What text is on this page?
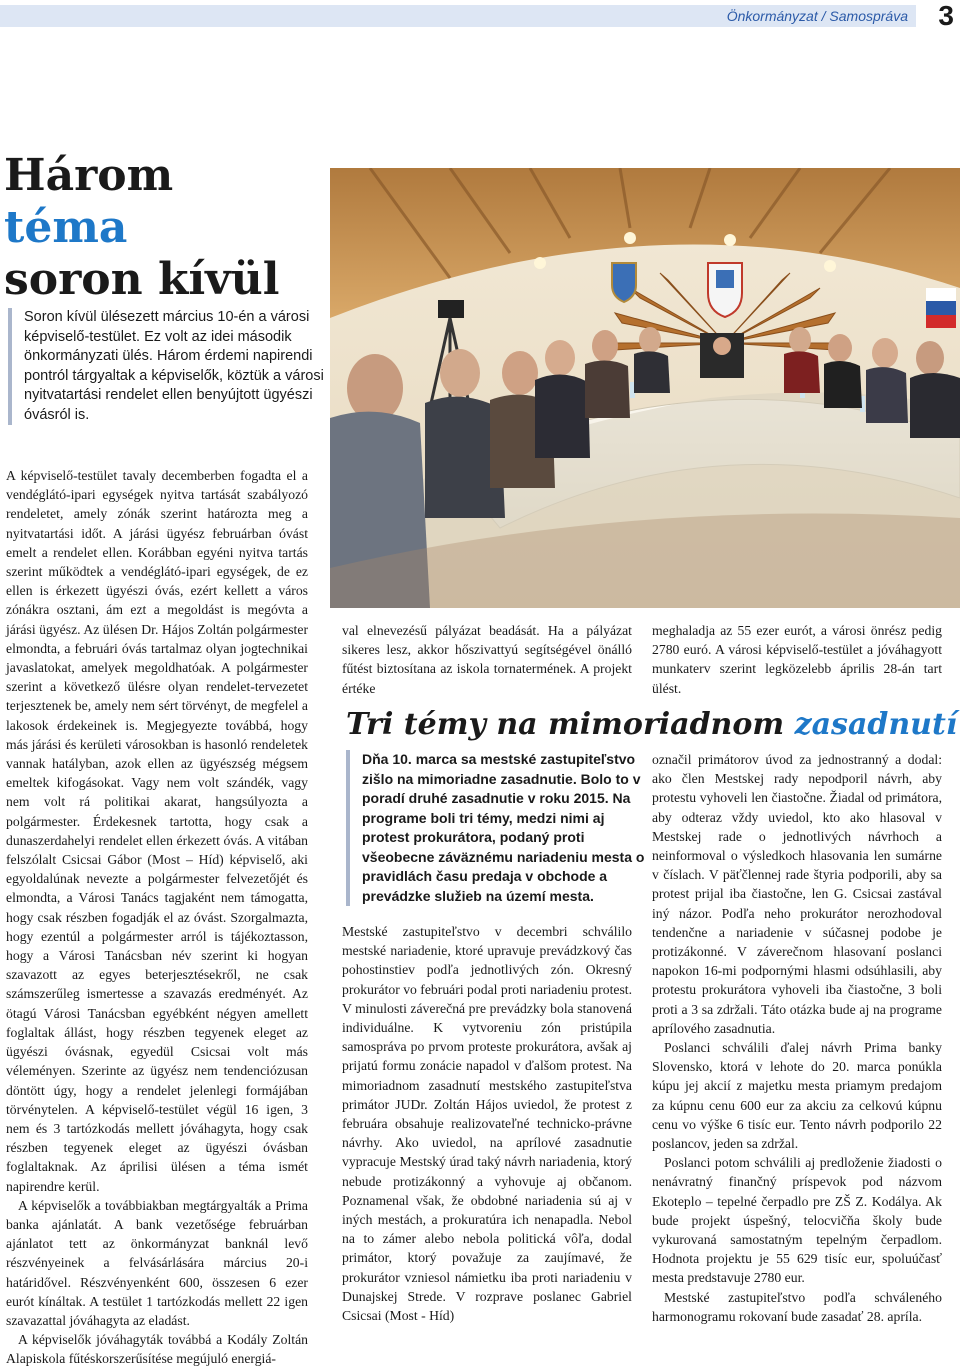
Önkormányzat / Samospráva 3
Három
téma
soron kívül
Soron kívül ülésezett március 10-én a városi képviselő-testület. Ez volt az idei második önkormányzati ülés. Három érdemi napirendi pontról tárgyaltak a képviselők, köztük a városi nyitvatartási rendelet ellen benyújtott ügyészi óvásról is.

A képviselő-testület tavaly decemberben fogadta el a vendéglátó-ipari egységek nyitva tartását szabályozó rendeletet, amely zónák szerint határozta meg a nyitvatartási időt. A járási ügyész februárban óvást emelt a rendelet ellen. Korábban egyéni nyitva tartás szerint működtek a vendéglátó-ipari egységek, de ez ellen is érkezett ügyészi óvás, ezért kellett a város zónákra osztani, ám ezt a megoldást is megóvta a járási ügyész. Az ülésen Dr. Hájos Zoltán polgármester elmondta, a februári óvás tartalmaz olyan jogtechnikai javaslatokat, amelyek megoldhatóak. A polgármester szerint a következő ülésre olyan rendelet-tervezetet terjesztenek be, amely nem sért törvényt, de megfelel a lakosok érdekeinek is. Megjegyezte továbbá, hogy más járási és kerületi városokban is hasonló rendeletek vannak hatályban, azok ellen az ügyészség mégsem emeltek kifogásokat. Vagy nem volt szándék, vagy nem volt rá politikai akarat, hangsúlyozta a polgármester. Érdekesnek tartotta, hogy csak a dunaszerdahelyi rendelet ellen érkezett óvás. A vitában felszólalt Csicsai Gábor (Most – Híd) képviselő, aki egyoldalúnak nevezte a polgármester felvezetőjét és elmondta, a Városi Tanács tagjaként nem támogatta, hogy csak részben fogadják el az óvást. Szorgalmazta, hogy ezentúl a polgármester arról is tájékoztasson, hogy a Városi Tanácsban név szerint ki hogyan szavazott az egyes beterjesztésekről, ne csak számszerűleg ismertesse a szavazás eredményét. Az ötagú Városi Tanácsban egyébként négyen amellett foglaltak állást, hogy részben tegyenek eleget az ügyészi óvásnak, egyedül Csicsai volt más véleményen. Szerinte az ügyész nem tendenciózusan döntött úgy, hogy a rendelet jelenlegi formájában törvénytelen. A képviselő-testület végül 16 igen, 3 nem és 3 tartózkodás mellett jóváhagyta, hogy csak részben tegyenek eleget az ügyészi óvásban foglaltaknak. Az áprilisi ülésen a téma ismét napirendre kerül.

A képviselők a továbbiakban megtárgyalták a Prima banka ajánlatát. A bank vezetősége februárban ajánlatot tett az önkormányzat banknál levő részvényeinek a felvásárlására március 20-i határidővel. Részvényenként 600, összesen 6 ezer eurót kínáltak. A testület 1 tartózkodás mellett 22 igen szavazattal jóváhagyta az eladást.

A képviselők jóváhagyták továbbá a Kodály Zoltán Alapiskola fűtéskorszerűsítése megújuló energiá-

val elnevezésű pályázat beadását. Ha a pályázat sikeres lesz, akkor hőszivattyú segítségével önálló fűtést biztosítana az iskola tornatermének. A projekt értéke
meghaladja az 55 ezer eurót, a városi önrész pedig 2780 euró. A városi képviselő-testület a jóváhagyott munkaterv szerint legközelebb április 28-án tart ülést.
Tri témy na mimoriadnom zasadnutí
Dňa 10. marca sa mestské zastupiteľstvo zišlo na mimoriadne zasadnutie. Bolo to v poradí druhé zasadnutie v roku 2015. Na programe boli tri témy, medzi nimi aj protest prokurátora, podaný proti všeobecne záväznému nariadeniu mesta o pravidlách času predaja v obchode a prevádzke služieb na území mesta.

Mestské zastupiteľstvo v decembri schválilo mestské nariadenie, ktoré upravuje prevádzkový čas pohostinstiev podľa jednotlivých zón. Okresný prokurátor vo februári podal proti nariadeniu protest. V minulosti záverečná pre prevádzky bola stanovená individuálne. K vytvoreniu zón pristúpila samospráva po prvom proteste prokurátora, avšak aj prijatú formu zonácie napadol v ďalšom protest. Na mimoriadnom zasadnutí mestského zastupiteľstva primátor JUDr. Zoltán Hájos uviedol, že protest z februára obsahuje realizovateľné technicko-právne návrhy. Ako uviedol, na aprílové zasadnutie vypracuje Mestský úrad taký návrh nariadenia, ktorý nebude protizákonný a vyhovuje aj občanom. Poznamenal však, že obdobné nariadenia sú aj v iných mestách, a prokuratúra ich nenapadla. Nebol na to zámer alebo nebola politická vôľa, dodal primátor, ktorý považuje za zaujímavé, že prokurátor vzniesol námietku iba proti nariadeniu v Dunajskej Strede. V rozprave poslanec Gabriel Csicsai (Most - Híd)

označil primátorov úvod za jednostranný a dodal: ako člen Mestskej rady nepodporil návrh, aby protestu vyhoveli len čiastočne. Žiadal od primátora, aby odteraz vždy uviedol, kto ako hlasoval v Mestskej rade o jednotlivých návrhoch a neinformoval o výsledkoch hlasovania len sumárne v číslach. V päťčlennej rade štyria podporili, aby sa protest prijal iba čiastočne, len G. Csicsai zastával iný názor. Podľa neho prokurátor nerozhodoval tendenčne a nariadenie v súčasnej podobe je protizákonné. V záverečnom hlasovaní poslanci napokon 16-mi podpornými hlasmi odsúhlasili, aby protestu prokurátora vyhoveli iba čiastočne, 3 boli proti a 3 sa zdržali. Táto otázka bude aj na programe aprílového zasadnutia.

Poslanci schválili ďalej návrh Prima banky Slovensko, ktorá v lehote do 20. marca ponúkla kúpu jej akcií z majetku mesta priamym predajom za kúpnu cenu 600 eur za akciu za celkovú kúpnu cenu vo výške 6 tisíc eur. Tento návrh podporilo 22 poslancov, jeden sa zdržal.

Poslanci potom schválili aj predloženie žiadosti o nenávratný finančný príspevok pod názvom Ekoteplo – tepelné čerpadlo pre ZŠ Z. Kodálya. Ak bude projekt úspešný, telocvičňa školy bude vykurovaná samostatným tepelným čerpadlom. Hodnota projektu je 55 629 tisíc eur, spoluúčasť mesta predstavuje 2780 eur.

Mestské zastupiteľstvo podľa schváleného harmonogramu rokovaní bude zasadať 28. apríla.
